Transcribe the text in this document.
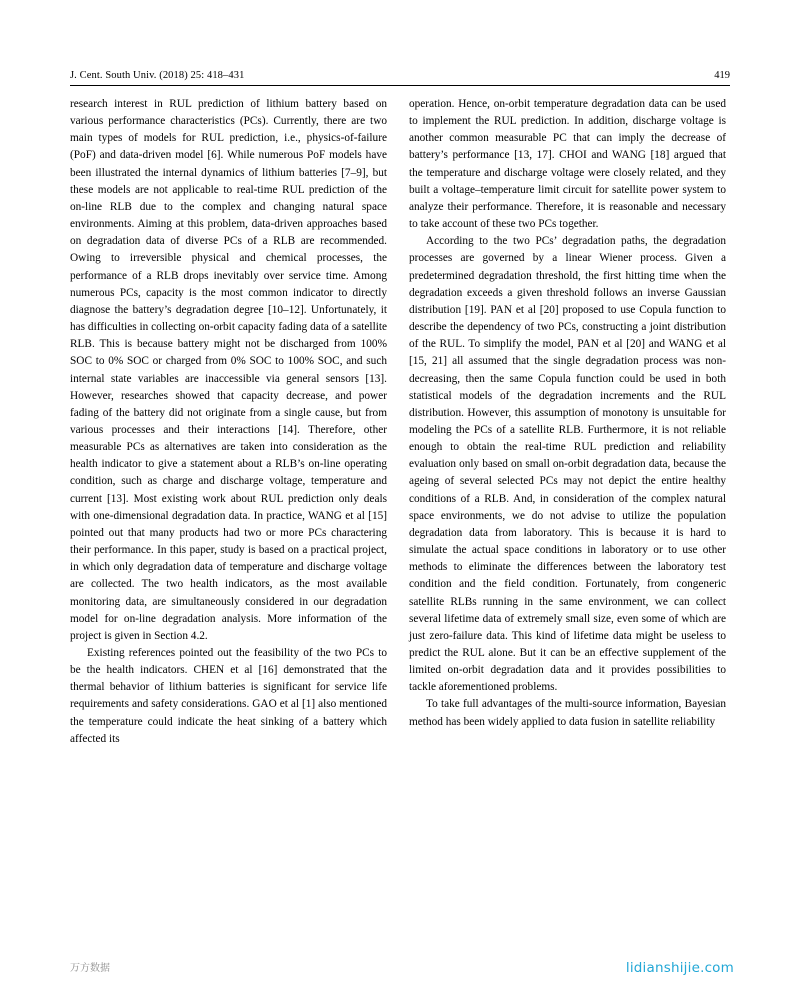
J. Cent. South Univ. (2018) 25: 418–431	419

research interest in RUL prediction of lithium battery based on various performance characteristics (PCs). Currently, there are two main types of models for RUL prediction, i.e., physics-of-failure (PoF) and data-driven model [6]. While numerous PoF models have been illustrated the internal dynamics of lithium batteries [7–9], but these models are not applicable to real-time RUL prediction of the on-line RLB due to the complex and changing natural space environments. Aiming at this problem, data-driven approaches based on degradation data of diverse PCs of a RLB are recommended. Owing to irreversible physical and chemical processes, the performance of a RLB drops inevitably over service time. Among numerous PCs, capacity is the most common indicator to directly diagnose the battery’s degradation degree [10–12]. Unfortunately, it has difficulties in collecting on-orbit capacity fading data of a satellite RLB. This is because battery might not be discharged from 100% SOC to 0% SOC or charged from 0% SOC to 100% SOC, and such internal state variables are inaccessible via general sensors [13]. However, researches showed that capacity decrease, and power fading of the battery did not originate from a single cause, but from various processes and their interactions [14]. Therefore, other measurable PCs as alternatives are taken into consideration as the health indicator to give a statement about a RLB’s on-line operating condition, such as charge and discharge voltage, temperature and current [13]. Most existing work about RUL prediction only deals with one-dimensional degradation data. In practice, WANG et al [15] pointed out that many products had two or more PCs charactering their performance. In this paper, study is based on a practical project, in which only degradation data of temperature and discharge voltage are collected. The two health indicators, as the most available monitoring data, are simultaneously considered in our degradation model for on-line degradation analysis. More information of the project is given in Section 4.2.

Existing references pointed out the feasibility of the two PCs to be the health indicators. CHEN et al [16] demonstrated that the thermal behavior of lithium batteries is significant for service life requirements and safety considerations. GAO et al [1] also mentioned the temperature could indicate the heat sinking of a battery which affected its

operation. Hence, on-orbit temperature degradation data can be used to implement the RUL prediction. In addition, discharge voltage is another common measurable PC that can imply the decrease of battery’s performance [13, 17]. CHOI and WANG [18] argued that the temperature and discharge voltage were closely related, and they built a voltage–temperature limit circuit for satellite power system to analyze their performance. Therefore, it is reasonable and necessary to take account of these two PCs together.

According to the two PCs’ degradation paths, the degradation processes are governed by a linear Wiener process. Given a predetermined degradation threshold, the first hitting time when the degradation exceeds a given threshold follows an inverse Gaussian distribution [19]. PAN et al [20] proposed to use Copula function to describe the dependency of two PCs, constructing a joint distribution of the RUL. To simplify the model, PAN et al [20] and WANG et al [15, 21] all assumed that the single degradation process was non-decreasing, then the same Copula function could be used in both statistical models of the degradation increments and the RUL distribution. However, this assumption of monotony is unsuitable for modeling the PCs of a satellite RLB. Furthermore, it is not reliable enough to obtain the real-time RUL prediction and reliability evaluation only based on small on-orbit degradation data, because the ageing of several selected PCs may not depict the entire healthy conditions of a RLB. And, in consideration of the complex natural space environments, we do not advise to utilize the population degradation data from laboratory. This is because it is hard to simulate the actual space conditions in laboratory or to use other methods to eliminate the differences between the laboratory test condition and the field condition. Fortunately, from congeneric satellite RLBs running in the same environment, we can collect several lifetime data of extremely small size, even some of which are just zero-failure data. This kind of lifetime data might be useless to predict the RUL alone. But it can be an effective supplement of the limited on-orbit degradation data and it provides possibilities to tackle aforementioned problems.

To take full advantages of the multi-source information, Bayesian method has been widely applied to data fusion in satellite reliability

万方数据	lidianshijie.com
